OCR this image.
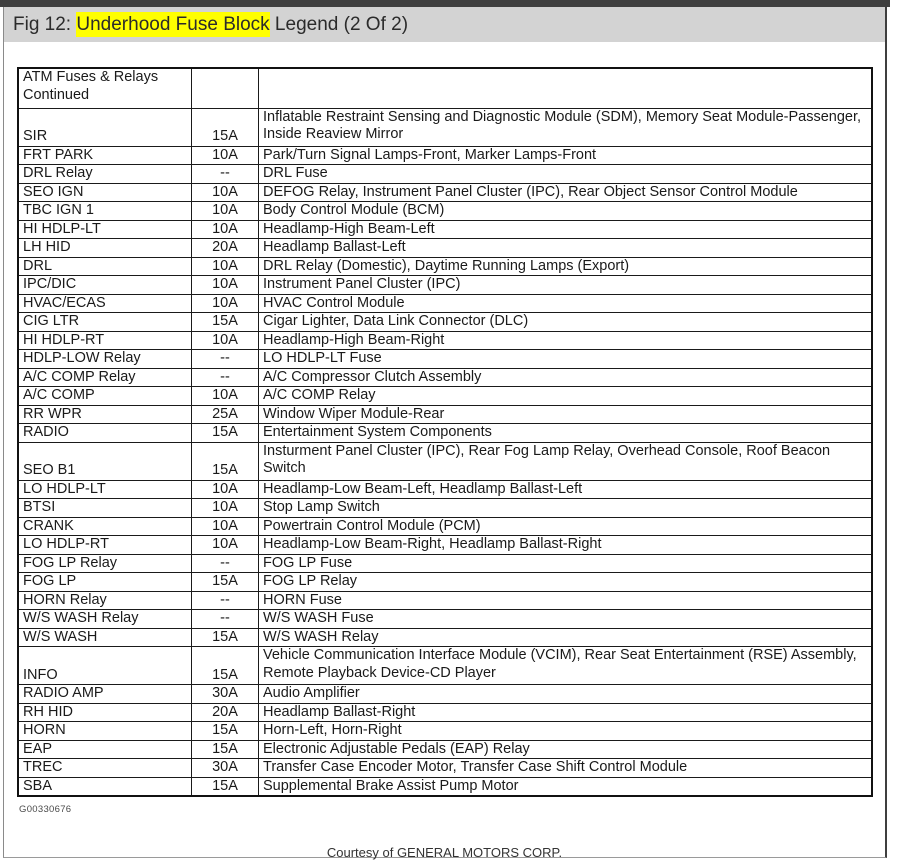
Fig 12: Underhood Fuse Block Legend (2 Of 2)
ATM Fuses & Relays Continued		
SIR	15A	Inflatable Restraint Sensing and Diagnostic Module (SDM), Memory Seat Module-Passenger, Inside Reaview Mirror
FRT PARK	10A	Park/Turn Signal Lamps-Front, Marker Lamps-Front
DRL Relay	--	DRL Fuse
SEO IGN	10A	DEFOG Relay, Instrument Panel Cluster (IPC), Rear Object Sensor Control Module
TBC IGN 1	10A	Body Control Module (BCM)
HI HDLP-LT	10A	Headlamp-High Beam-Left
LH HID	20A	Headlamp Ballast-Left
DRL	10A	DRL Relay (Domestic), Daytime Running Lamps (Export)
IPC/DIC	10A	Instrument Panel Cluster (IPC)
HVAC/ECAS	10A	HVAC Control Module
CIG LTR	15A	Cigar Lighter, Data Link Connector (DLC)
HI HDLP-RT	10A	Headlamp-High Beam-Right
HDLP-LOW Relay	--	LO HDLP-LT Fuse
A/C COMP Relay	--	A/C Compressor Clutch Assembly
A/C COMP	10A	A/C COMP Relay
RR WPR	25A	Window Wiper Module-Rear
RADIO	15A	Entertainment System Components
SEO B1	15A	Insturment Panel Cluster (IPC), Rear Fog Lamp Relay, Overhead Console, Roof Beacon Switch
LO HDLP-LT	10A	Headlamp-Low Beam-Left, Headlamp Ballast-Left
BTSI	10A	Stop Lamp Switch
CRANK	10A	Powertrain Control Module (PCM)
LO HDLP-RT	10A	Headlamp-Low Beam-Right, Headlamp Ballast-Right
FOG LP Relay	--	FOG LP Fuse
FOG LP	15A	FOG LP Relay
HORN Relay	--	HORN Fuse
W/S WASH Relay	--	W/S WASH Fuse
W/S WASH	15A	W/S WASH Relay
INFO	15A	Vehicle Communication Interface Module (VCIM), Rear Seat Entertainment (RSE) Assembly, Remote Playback Device-CD Player
RADIO AMP	30A	Audio Amplifier
RH HID	20A	Headlamp Ballast-Right
HORN	15A	Horn-Left, Horn-Right
EAP	15A	Electronic Adjustable Pedals (EAP) Relay
TREC	30A	Transfer Case Encoder Motor, Transfer Case Shift Control Module
SBA	15A	Supplemental Brake Assist Pump Motor
G00330676
Courtesy of GENERAL MOTORS CORP.
